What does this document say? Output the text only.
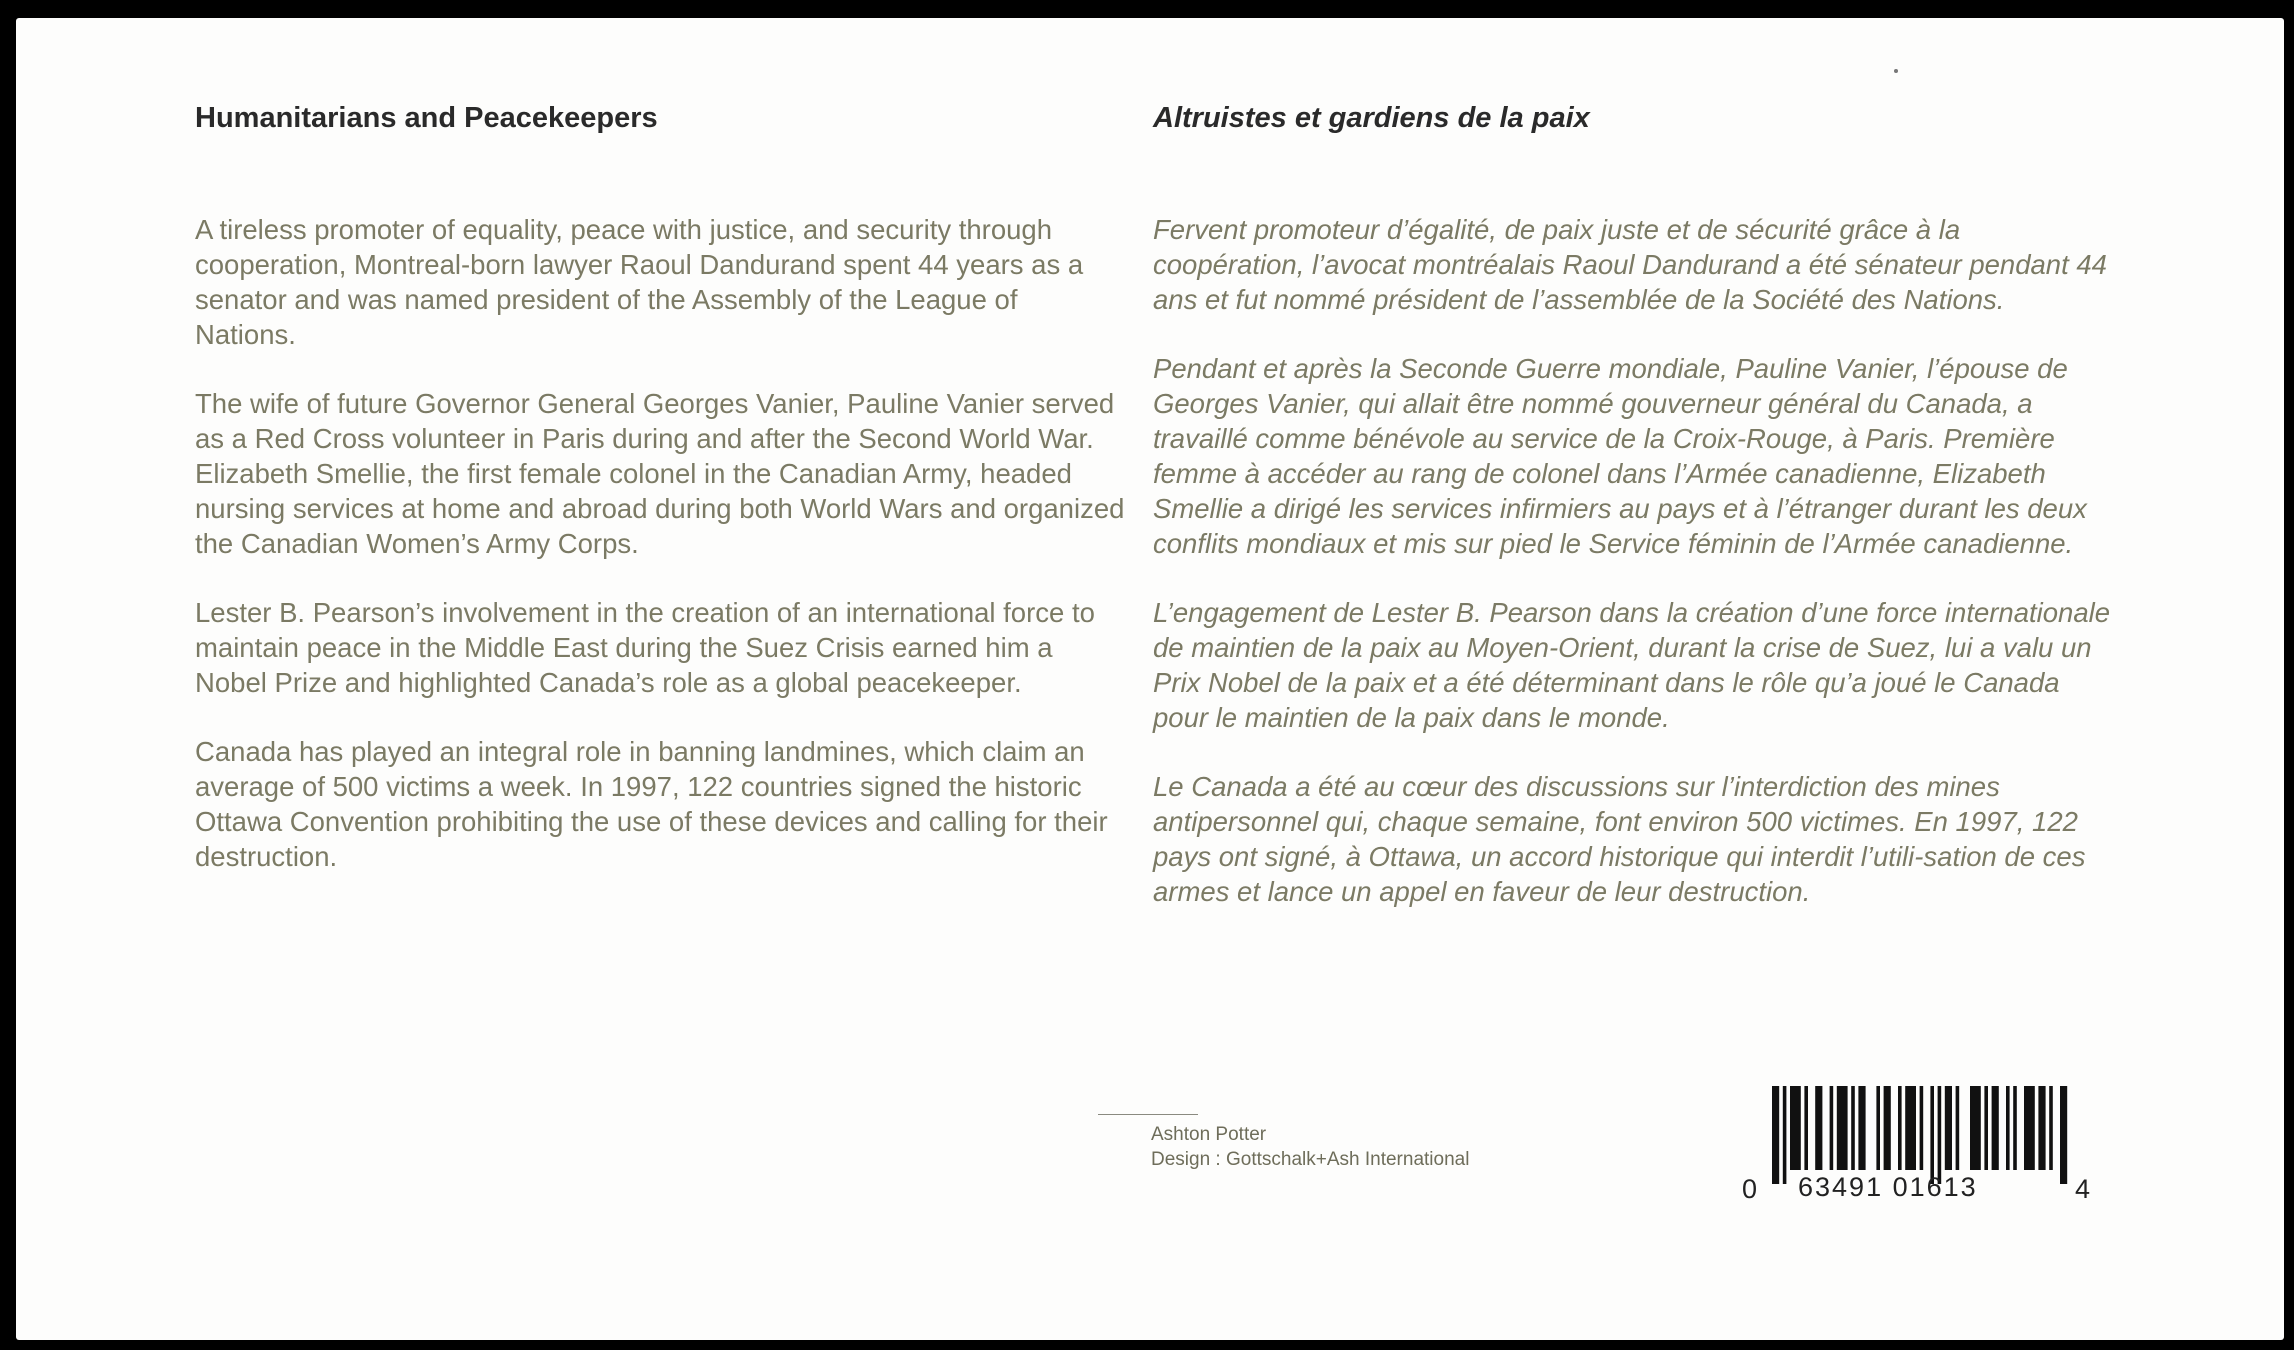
Humanitarians and Peacekeepers

A tireless promoter of equality, peace with justice, and security through cooperation, Montreal-born lawyer Raoul Dandurand spent 44 years as a senator and was named president of the Assembly of the League of Nations.

The wife of future Governor General Georges Vanier, Pauline Vanier served as a Red Cross volunteer in Paris during and after the Second World War. Elizabeth Smellie, the first female colonel in the Canadian Army, headed nursing services at home and abroad during both World Wars and organized the Canadian Women’s Army Corps.

Lester B. Pearson’s involvement in the creation of an international force to maintain peace in the Middle East during the Suez Crisis earned him a Nobel Prize and highlighted Canada’s role as a global peacekeeper.

Canada has played an integral role in banning landmines, which claim an average of 500 victims a week. In 1997, 122 countries signed the historic Ottawa Convention prohibiting the use of these devices and calling for their destruction.

Altruistes et gardiens de la paix

Fervent promoteur d’égalité, de paix juste et de sécurité grâce à la coopération, l’avocat montréalais Raoul Dandurand a été sénateur pendant 44 ans et fut nommé président de l’assemblée de la Société des Nations.

Pendant et après la Seconde Guerre mondiale, Pauline Vanier, l’épouse de Georges Vanier, qui allait être nommé gouverneur général du Canada, a travaillé comme bénévole au service de la Croix-Rouge, à Paris. Première femme à accéder au rang de colonel dans l’Armée canadienne, Elizabeth Smellie a dirigé les services infirmiers au pays et à l’étranger durant les deux conflits mondiaux et mis sur pied le Service féminin de l’Armée canadienne.

L’engagement de Lester B. Pearson dans la création d’une force internationale de maintien de la paix au Moyen-Orient, durant la crise de Suez, lui a valu un Prix Nobel de la paix et a été déterminant dans le rôle qu’a joué le Canada pour le maintien de la paix dans le monde.

Le Canada a été au cœur des discussions sur l’interdiction des mines antipersonnel qui, chaque semaine, font environ 500 victimes. En 1997, 122 pays ont signé, à Ottawa, un accord historique qui interdit l’utili-sation de ces armes et lance un appel en faveur de leur destruction.

Ashton Potter
Design : Gottschalk+Ash International
0 63491 01613	4
